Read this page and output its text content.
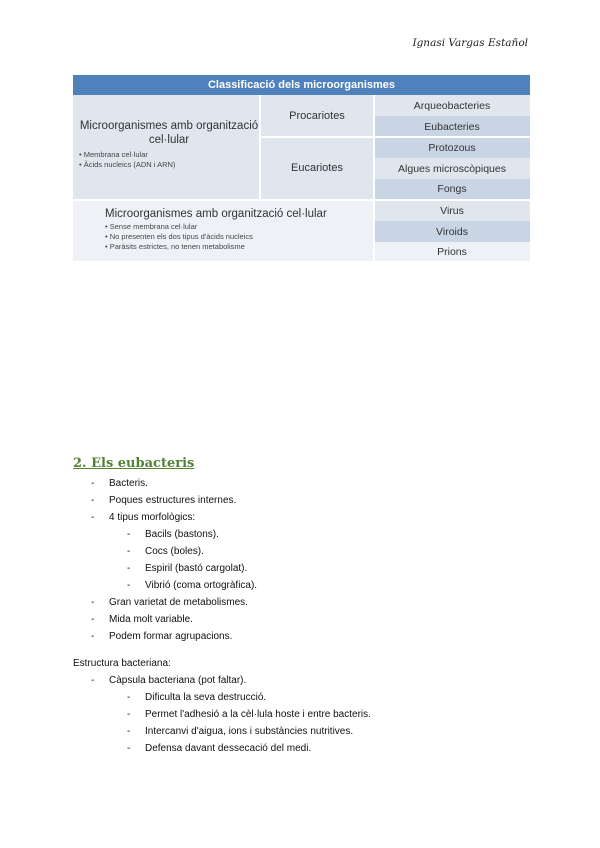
Ignasi Vargas Estañol
Classificació dels microorganismes
Microorganismes amb organització cel·lular
• Membrana cel·lular
• Àcids nucleics (ADN i ARN)
Procariotes
Eucariotes
Arqueobacteries
Eubacteries
Protozous
Algues microscòpiques
Fongs
Microorganismes amb organització cel·lular
• Sense membrana cel·lular
• No presenten els dos tipus d'àcids nucleics
• Paràsits estrictes, no tenen metabolisme
Virus
Viroids
Prions
2. Els eubacteris
- Bacteris.
- Poques estructures internes.
- 4 tipus morfològics:
- Bacils (bastons).
- Cocs (boles).
- Espiril (bastó cargolat).
- Vibrió (coma ortogràfica).
- Gran varietat de metabolismes.
- Mida molt variable.
- Podem formar agrupacions.
Estructura bacteriana:
- Càpsula bacteriana (pot faltar).
- Dificulta la seva destrucció.
- Permet l'adhesió a la cèl·lula hoste i entre bacteris.
- Intercanvi d'aigua, ions i substàncies nutritives.
- Defensa davant dessecació del medi.
